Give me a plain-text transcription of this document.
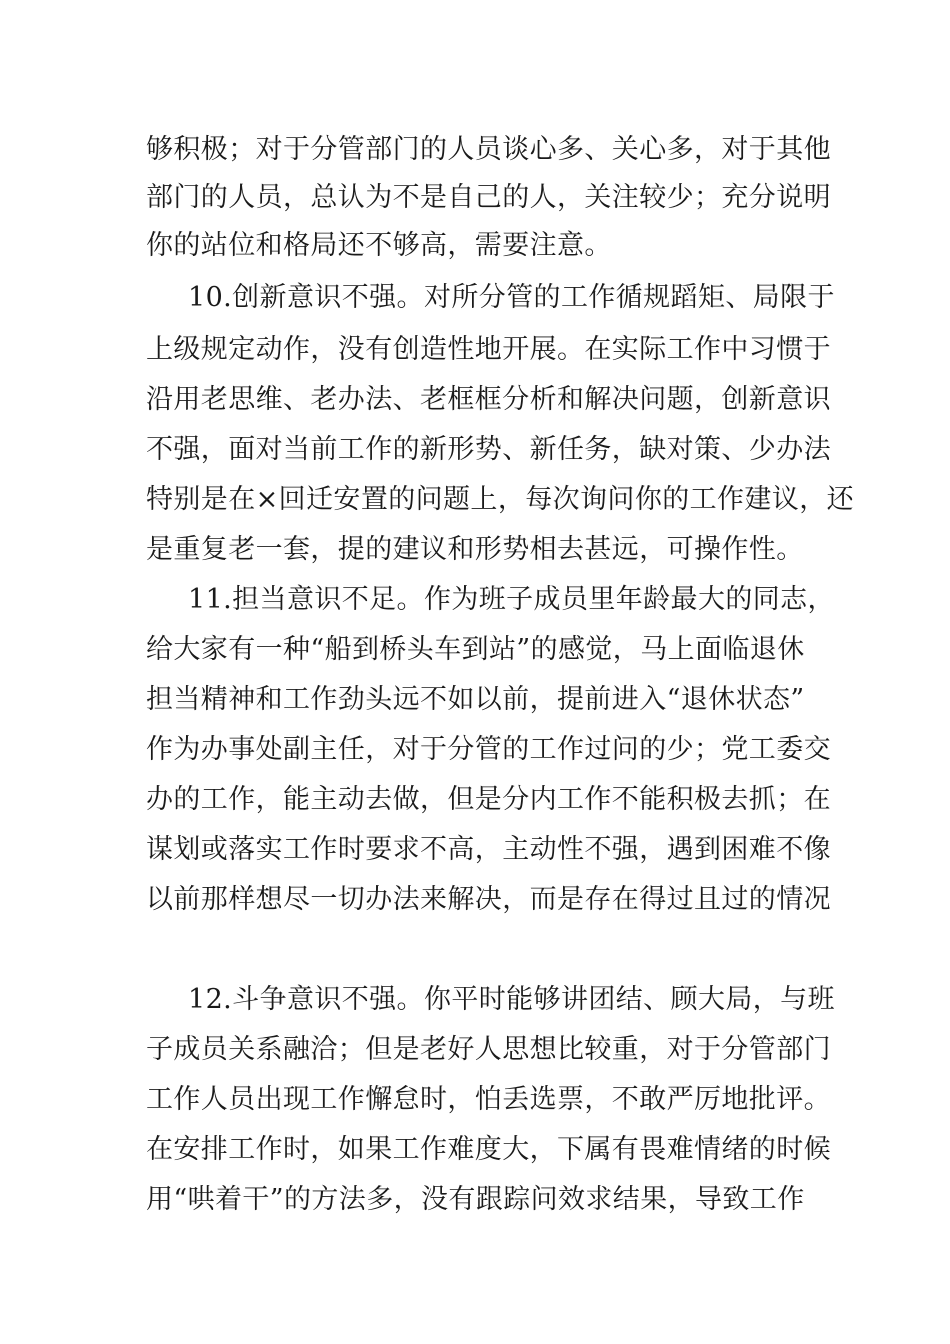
够积极；对于分管部门的人员谈心多、关心多，对于其他
部门的人员，总认为不是自己的人，关注较少；充分说明
你的站位和格局还不够高，需要注意。
10.创新意识不强。对所分管的工作循规蹈矩、局限于
上级规定动作，没有创造性地开展。在实际工作中习惯于
沿用老思维、老办法、老框框分析和解决问题，创新意识
不强，面对当前工作的新形势、新任务，缺对策、少办法
特别是在×回迁安置的问题上，每次询问你的工作建议，还
是重复老一套，提的建议和形势相去甚远，可操作性。
11.担当意识不足。作为班子成员里年龄最大的同志，
给大家有一种“船到桥头车到站”的感觉，马上面临退休
担当精神和工作劲头远不如以前，提前进入“退休状态”
作为办事处副主任，对于分管的工作过问的少；党工委交
办的工作，能主动去做，但是分内工作不能积极去抓；在
谋划或落实工作时要求不高，主动性不强，遇到困难不像
以前那样想尽一切办法来解决，而是存在得过且过的情况
12.斗争意识不强。你平时能够讲团结、顾大局，与班
子成员关系融洽；但是老好人思想比较重，对于分管部门
工作人员出现工作懈怠时，怕丢选票，不敢严厉地批评。
在安排工作时，如果工作难度大，下属有畏难情绪的时候
用“哄着干”的方法多，没有跟踪问效求结果，导致工作
